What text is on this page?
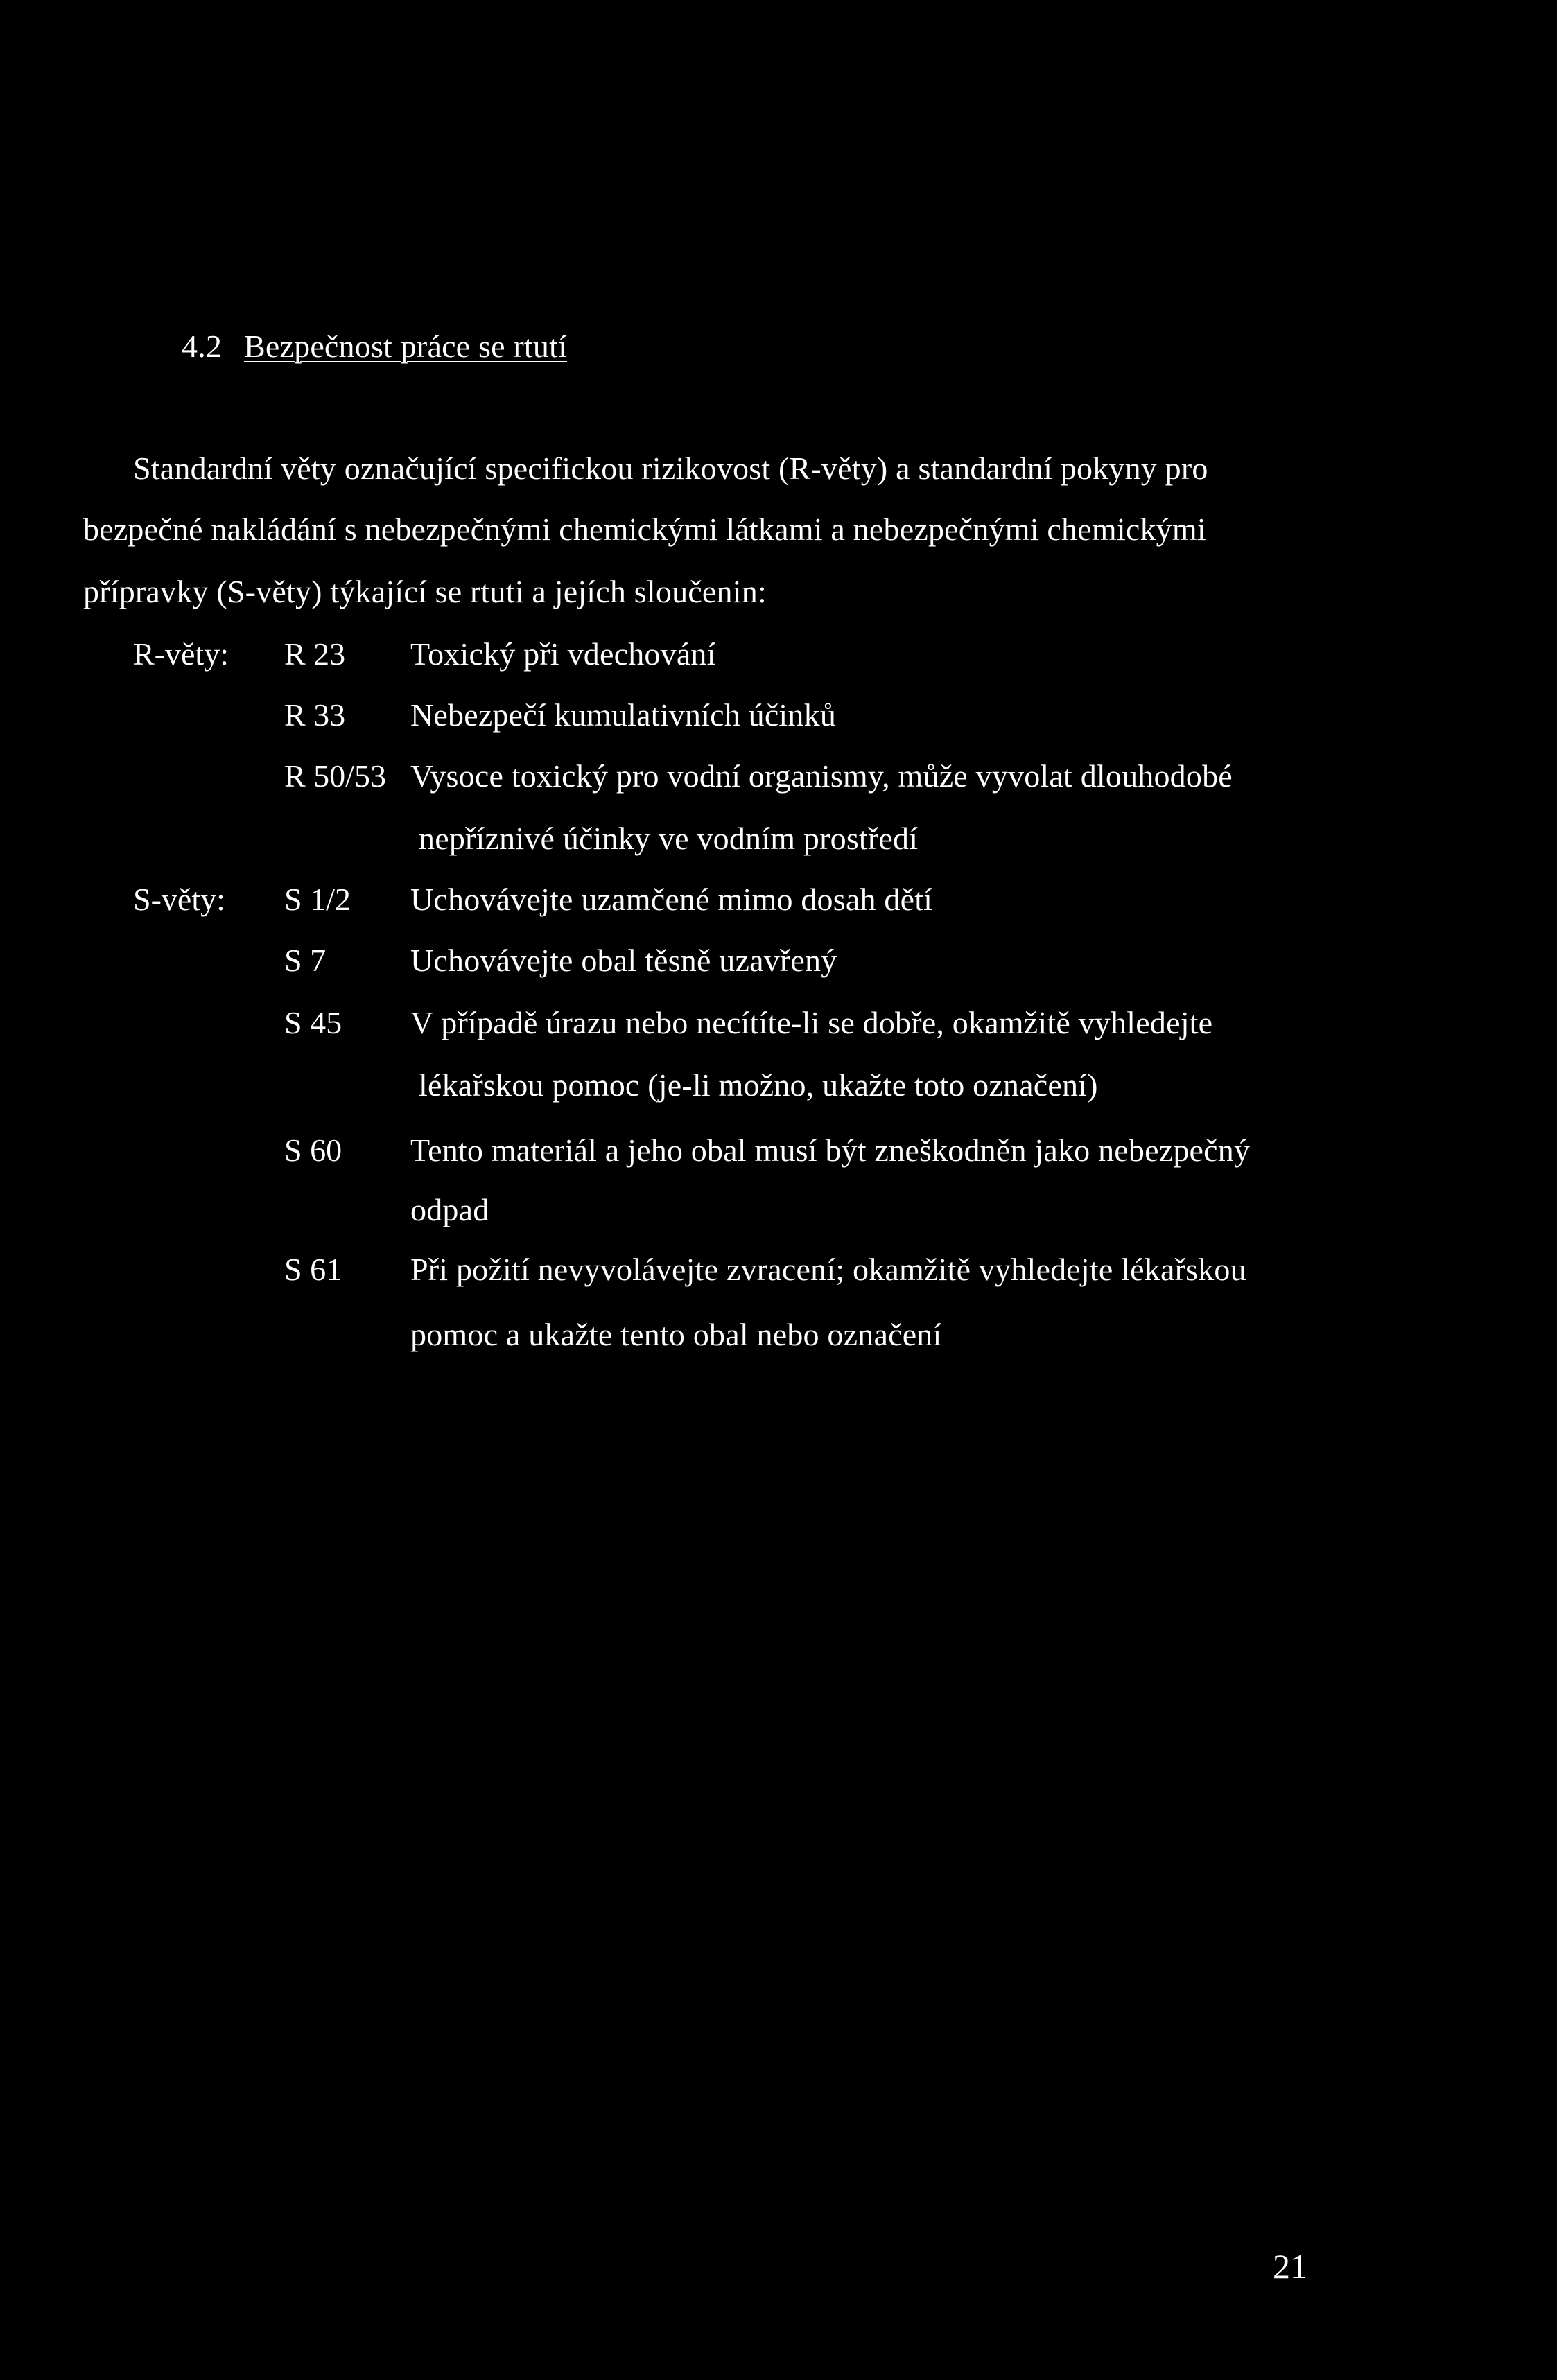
4.2 Bezpečnost práce se rtutí
Standardní věty označující specifickou rizikovost (R-věty) a standardní pokyny pro
bezpečné nakládání s nebezpečnými chemickými látkami a nebezpečnými chemickými
přípravky (S-věty) týkající se rtuti a jejích sloučenin:
R-věty: R 23 Toxický při vdechování
R 33 Nebezpečí kumulativních účinků
R 50/53 Vysoce toxický pro vodní organismy, může vyvolat dlouhodobé
nepříznivé účinky ve vodním prostředí
S-věty: S 1/2 Uchovávejte uzamčené mimo dosah dětí
S 7	Uchovávejte obal těsně uzavřený
S 45 V případě úrazu nebo necítíte-li se dobře, okamžitě vyhledejte
lékařskou pomoc (je-li možno, ukažte toto označení)
S 60 Tento materiál a jeho obal musí být zneškodněn jako nebezpečný
odpad
S 61 Při požití nevyvolávejte zvracení; okamžitě vyhledejte lékařskou
pomoc a ukažte tento obal nebo označení
21
